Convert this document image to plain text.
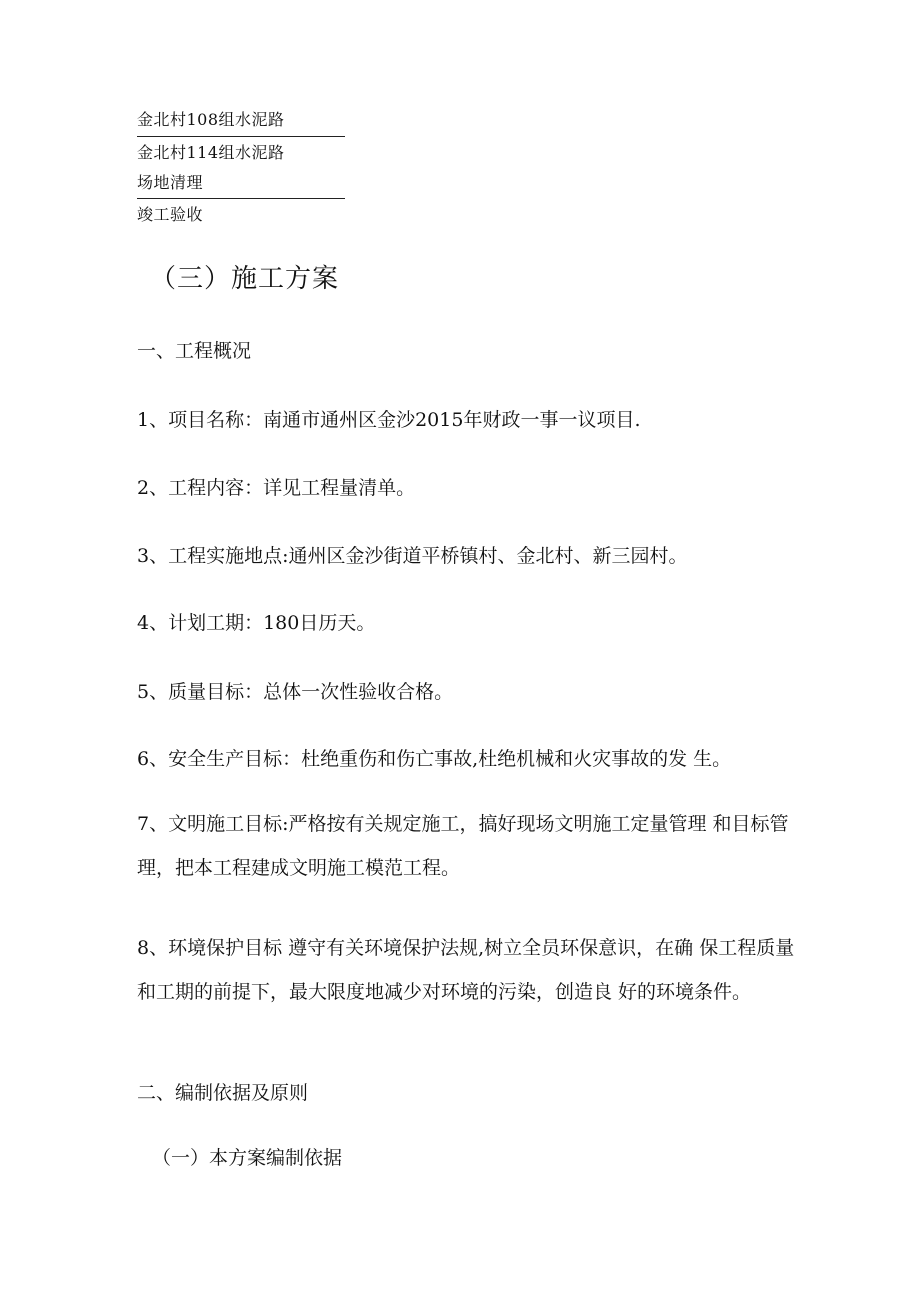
金北村108组水泥路
金北村114组水泥路
场地清理
竣工验收
（三）施工方案
一、工程概况
1、项目名称：南通市通州区金沙2015年财政一事一议项目.
2、工程内容：详见工程量清单。
3、工程实施地点:通州区金沙街道平桥镇村、金北村、新三园村。
4、计划工期：180日历天。
5、质量目标：总体一次性验收合格。
6、安全生产目标：杜绝重伤和伤亡事故,杜绝机械和火灾事故的发 生。
7、文明施工目标:严格按有关规定施工，搞好现场文明施工定量管理 和目标管理，把本工程建成文明施工模范工程。
8、环境保护目标 遵守有关环境保护法规,树立全员环保意识，在确 保工程质量和工期的前提下，最大限度地减少对环境的污染，创造良 好的环境条件。
二、编制依据及原则
（一）本方案编制依据
